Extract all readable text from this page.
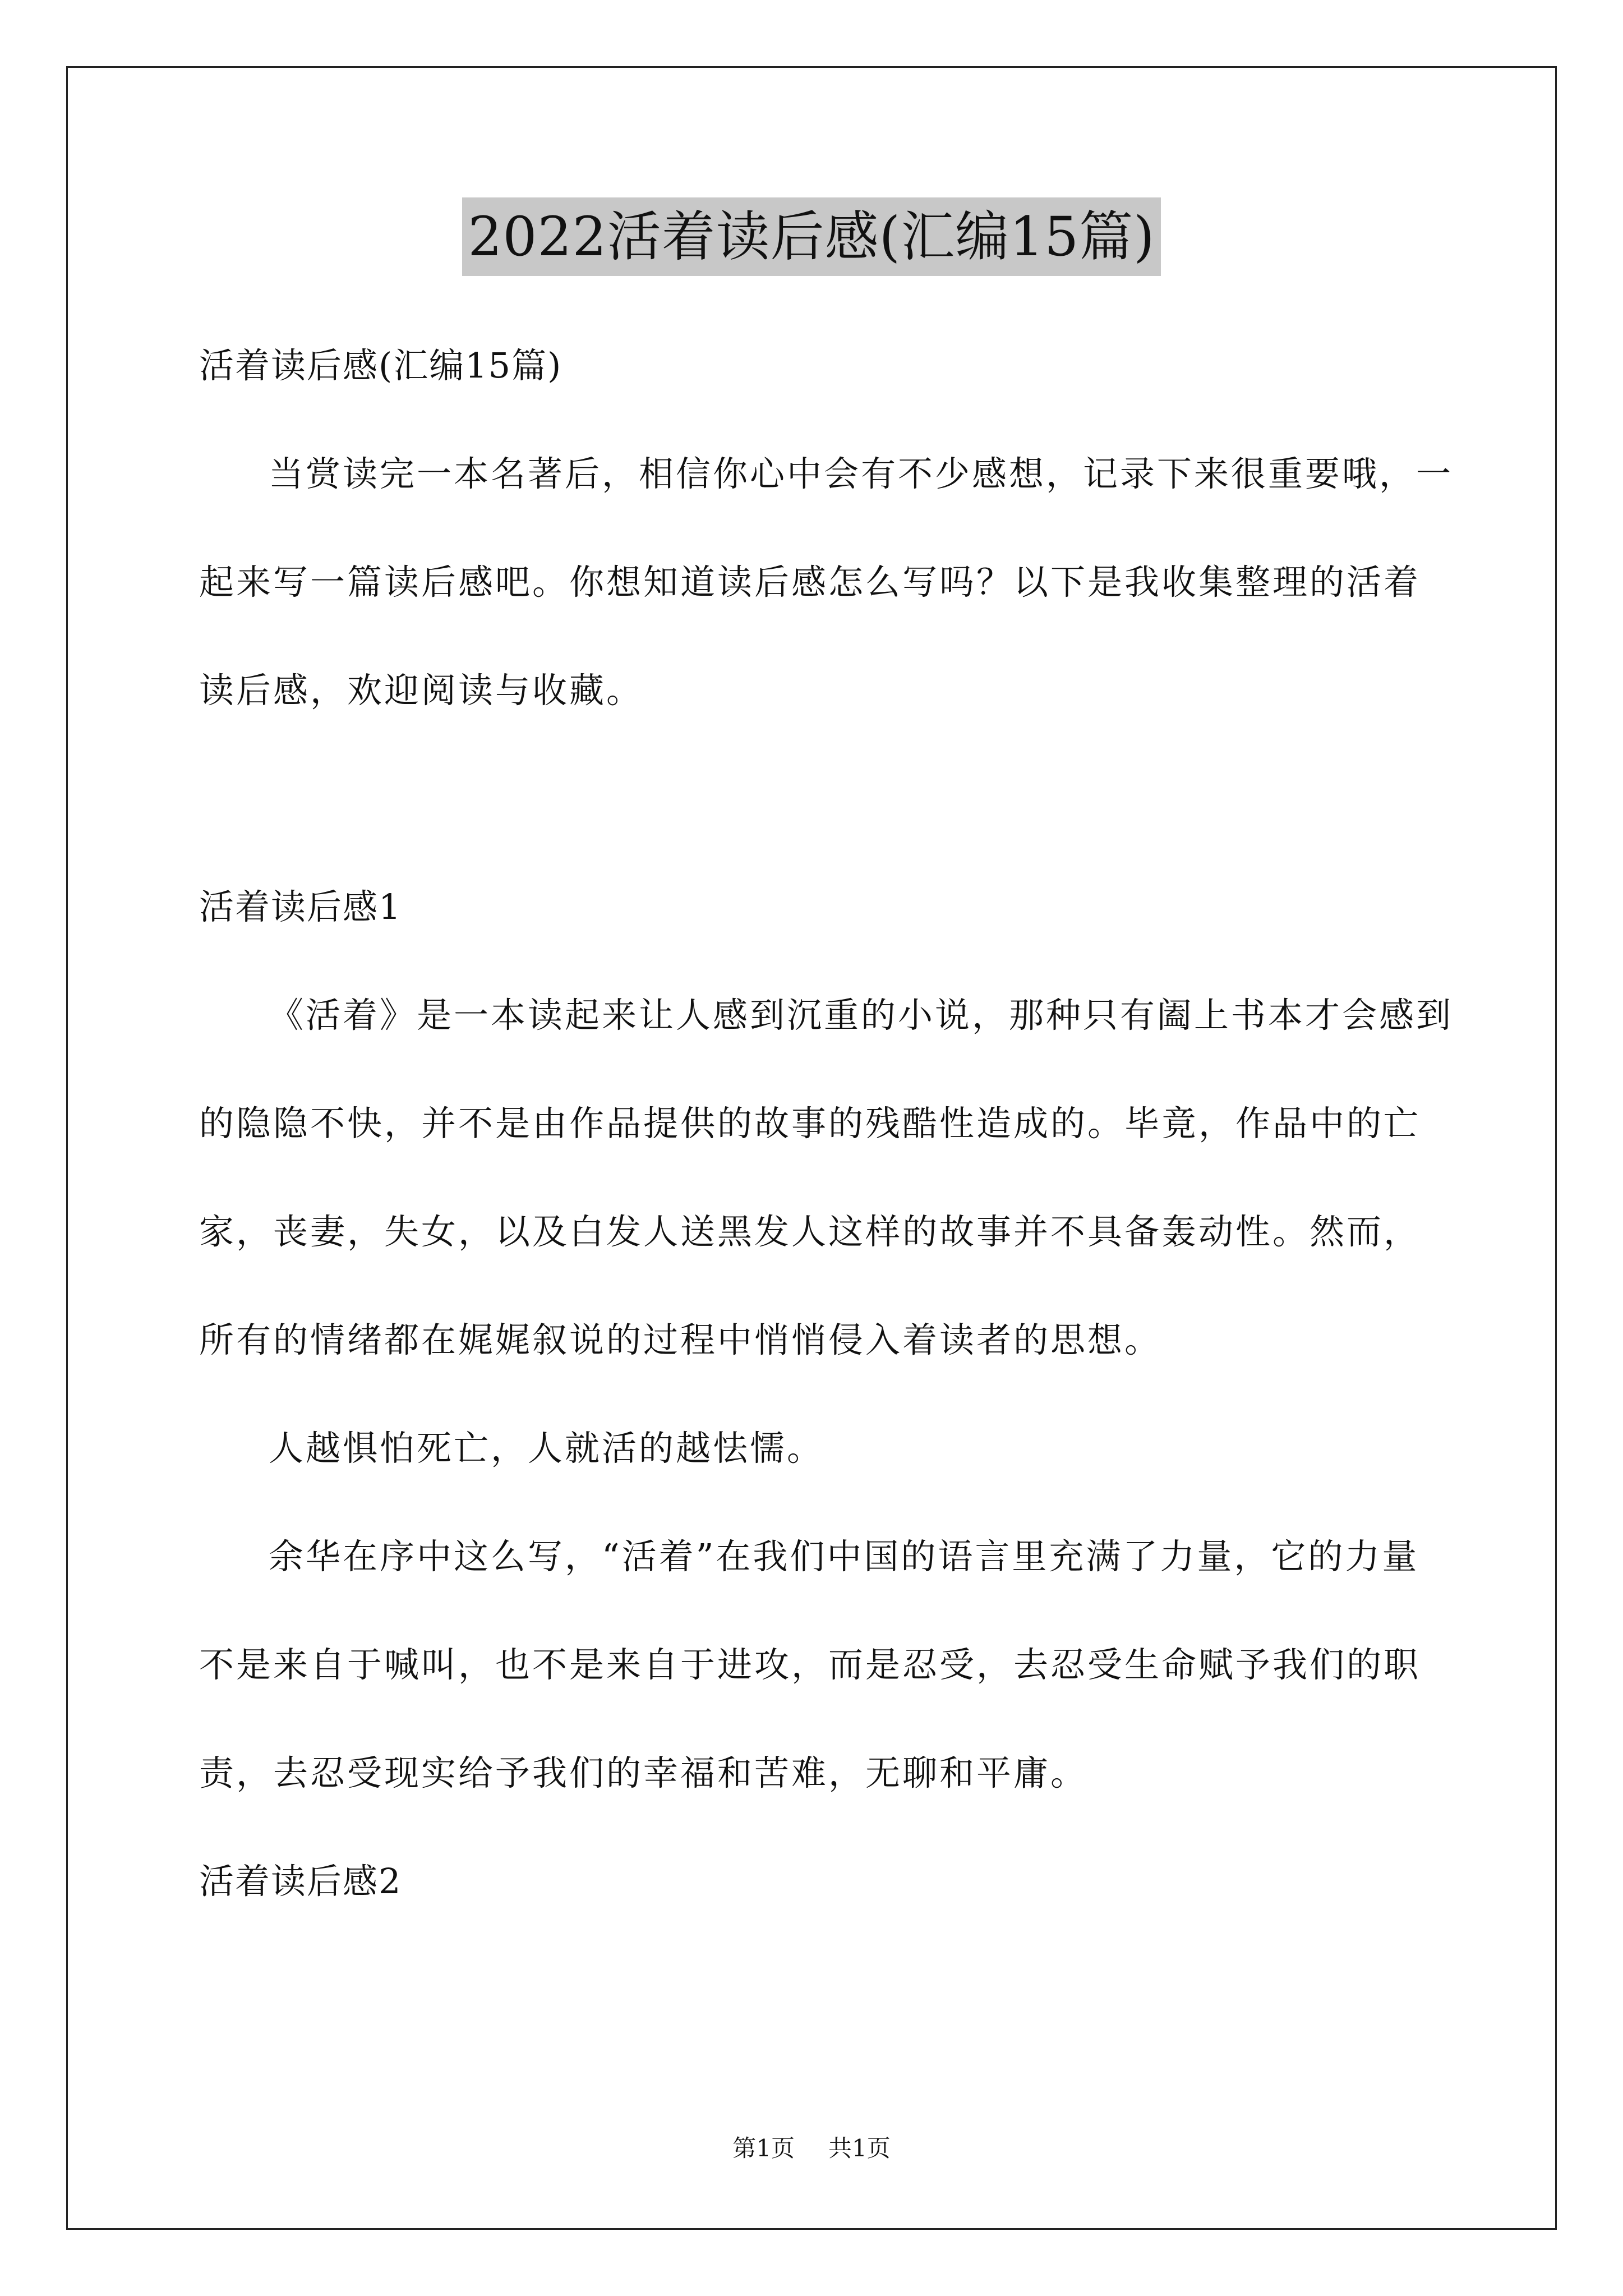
2022活着读后感(汇编15篇)

活着读后感(汇编15篇)

当赏读完一本名著后，相信你心中会有不少感想，记录下来很重要哦，一起来写一篇读后感吧。你想知道读后感怎么写吗？以下是我收集整理的活着读后感，欢迎阅读与收藏。

活着读后感1

《活着》是一本读起来让人感到沉重的小说，那种只有阖上书本才会感到的隐隐不快，并不是由作品提供的故事的残酷性造成的。毕竟，作品中的亡家，丧妻，失女，以及白发人送黑发人这样的故事并不具备轰动性。然而，所有的情绪都在娓娓叙说的过程中悄悄侵入着读者的思想。

人越惧怕死亡，人就活的越怯懦。

余华在序中这么写，“活着”在我们中国的语言里充满了力量，它的力量不是来自于喊叫，也不是来自于进攻，而是忍受，去忍受生命赋予我们的职责，去忍受现实给予我们的幸福和苦难，无聊和平庸。

活着读后感2

第1页 共1页
